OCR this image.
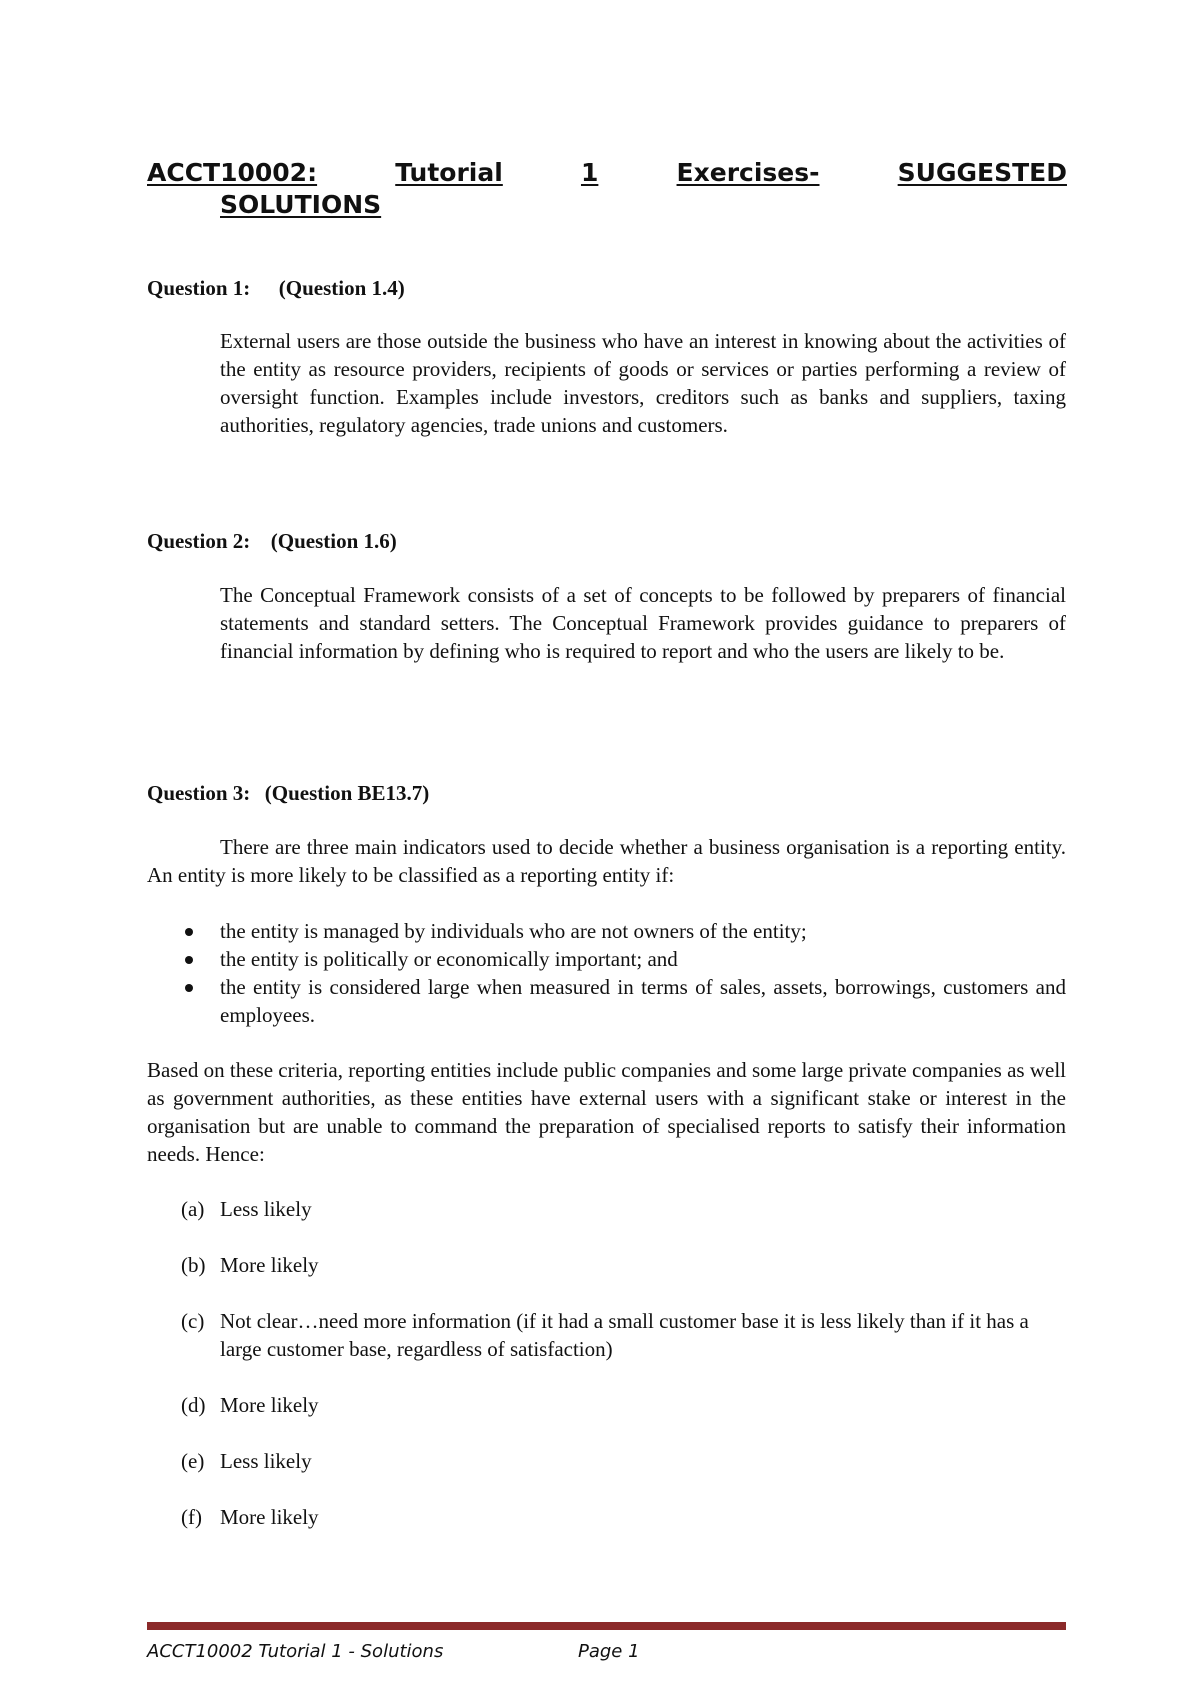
ACCT10002:	Tutorial	1	Exercises-	SUGGESTED
SOLUTIONS

Question 1: (Question 1.4)

External users are those outside the business who have an interest in knowing about the activities of the entity as resource providers, recipients of goods or services or parties performing a review of oversight function. Examples include investors, creditors such as banks and suppliers, taxing authorities, regulatory agencies, trade unions and customers.

Question 2: (Question 1.6)

The Conceptual Framework consists of a set of concepts to be followed by preparers of financial statements and standard setters. The Conceptual Framework provides guidance to preparers of financial information by defining who is required to report and who the users are likely to be.

Question 3: (Question BE13.7)

There are three main indicators used to decide whether a business organisation is a reporting entity. An entity is more likely to be classified as a reporting entity if:

the entity is managed by individuals who are not owners of the entity;
the entity is politically or economically important; and
the entity is considered large when measured in terms of sales, assets, borrowings, customers and employees.

Based on these criteria, reporting entities include public companies and some large private companies as well as government authorities, as these entities have external users with a significant stake or interest in the organisation but are unable to command the preparation of specialised reports to satisfy their information needs. Hence:

(a) Less likely
(b) More likely
(c) Not clear…need more information (if it had a small customer base it is less likely than if it has a large customer base, regardless of satisfaction)
(d) More likely
(e) Less likely
(f) More likely
ACCT10002 Tutorial 1 - Solutions	Page 1
